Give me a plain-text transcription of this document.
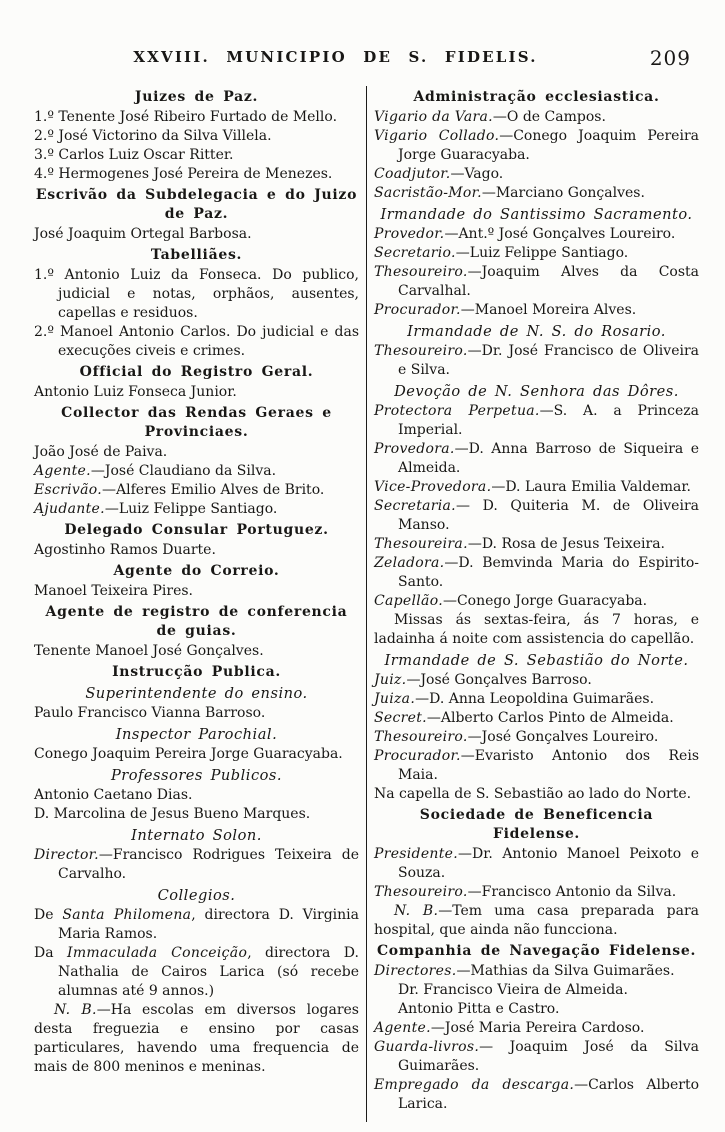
XXVIII. MUNICIPIO DE S. FIDELIS.	209

Juizes de Paz.

1.º Tenente José Ribeiro Furtado de Mello.

2.º José Victorino da Silva Villela.

3.º Carlos Luiz Oscar Ritter.

4.º Hermogenes José Pereira de Menezes.

Escrivão da Subdelegacia e do Juizo de Paz.

José Joaquim Ortegal Barbosa.

Tabelliães.

1.º Antonio Luiz da Fonseca. Do publico, judicial e notas, orphãos, ausentes, capellas e residuos.

2.º Manoel Antonio Carlos. Do judicial e das execuções civeis e crimes.

Official do Registro Geral.

Antonio Luiz Fonseca Junior.

Collector das Rendas Geraes e Provinciaes.

João José de Paiva.

Agente.—José Claudiano da Silva.

Escrivão.—Alferes Emilio Alves de Brito.

Ajudante.—Luiz Felippe Santiago.

Delegado Consular Portuguez.

Agostinho Ramos Duarte.

Agente do Correio.

Manoel Teixeira Pires.

Agente de registro de conferencia de guias.

Tenente Manoel José Gonçalves.

Instrucção Publica.

Superintendente do ensino.

Paulo Francisco Vianna Barroso.

Inspector Parochial.

Conego Joaquim Pereira Jorge Guaracyaba.

Professores Publicos.

Antonio Caetano Dias.

D. Marcolina de Jesus Bueno Marques.

Internato Solon.

Director.—Francisco Rodrigues Teixeira de Carvalho.

Collegios.

De Santa Philomena, directora D. Virginia Maria Ramos.

Da Immaculada Conceição, directora D. Nathalia de Cairos Larica (só recebe alumnas até 9 annos.)

N. B.—Ha escolas em diversos logares desta freguezia e ensino por casas particulares, havendo uma frequencia de mais de 800 meninos e meninas.

Administração ecclesiastica.

Vigario da Vara.—O de Campos.

Vigario Collado.—Conego Joaquim Pereira Jorge Guaracyaba.

Coadjutor.—Vago.

Sacristão-Mor.—Marciano Gonçalves.

Irmandade do Santissimo Sacramento.

Provedor.—Ant.º José Gonçalves Loureiro.

Secretario.—Luiz Felippe Santiago.

Thesoureiro.—Joaquim Alves da Costa Carvalhal.

Procurador.—Manoel Moreira Alves.

Irmandade de N. S. do Rosario.

Thesoureiro.—Dr. José Francisco de Oliveira e Silva.

Devoção de N. Senhora das Dôres.

Protectora Perpetua.—S. A. a Princeza Imperial.

Provedora.—D. Anna Barroso de Siqueira e Almeida.

Vice-Provedora.—D. Laura Emilia Valdemar.

Secretaria.— D. Quiteria M. de Oliveira Manso.

Thesoureira.—D. Rosa de Jesus Teixeira.

Zeladora.—D. Bemvinda Maria do Espirito-Santo.

Capellão.—Conego Jorge Guaracyaba.

Missas ás sextas-feira, ás 7 horas, e ladainha á noite com assistencia do capellão.

Irmandade de S. Sebastião do Norte.

Juiz.—José Gonçalves Barroso.

Juiza.—D. Anna Leopoldina Guimarães.

Secret.—Alberto Carlos Pinto de Almeida.

Thesoureiro.—José Gonçalves Loureiro.

Procurador.—Evaristo Antonio dos Reis Maia.

Na capella de S. Sebastião ao lado do Norte.

Sociedade de Beneficencia Fidelense.

Presidente.—Dr. Antonio Manoel Peixoto e Souza.

Thesoureiro.—Francisco Antonio da Silva.

N. B.—Tem uma casa preparada para hospital, que ainda não funcciona.

Companhia de Navegação Fidelense.

Directores.—Mathias da Silva Guimarães.

Dr. Francisco Vieira de Almeida.

Antonio Pitta e Castro.

Agente.—José Maria Pereira Cardoso.

Guarda-livros.— Joaquim José da Silva Guimarães.

Empregado da descarga.—Carlos Alberto Larica.
